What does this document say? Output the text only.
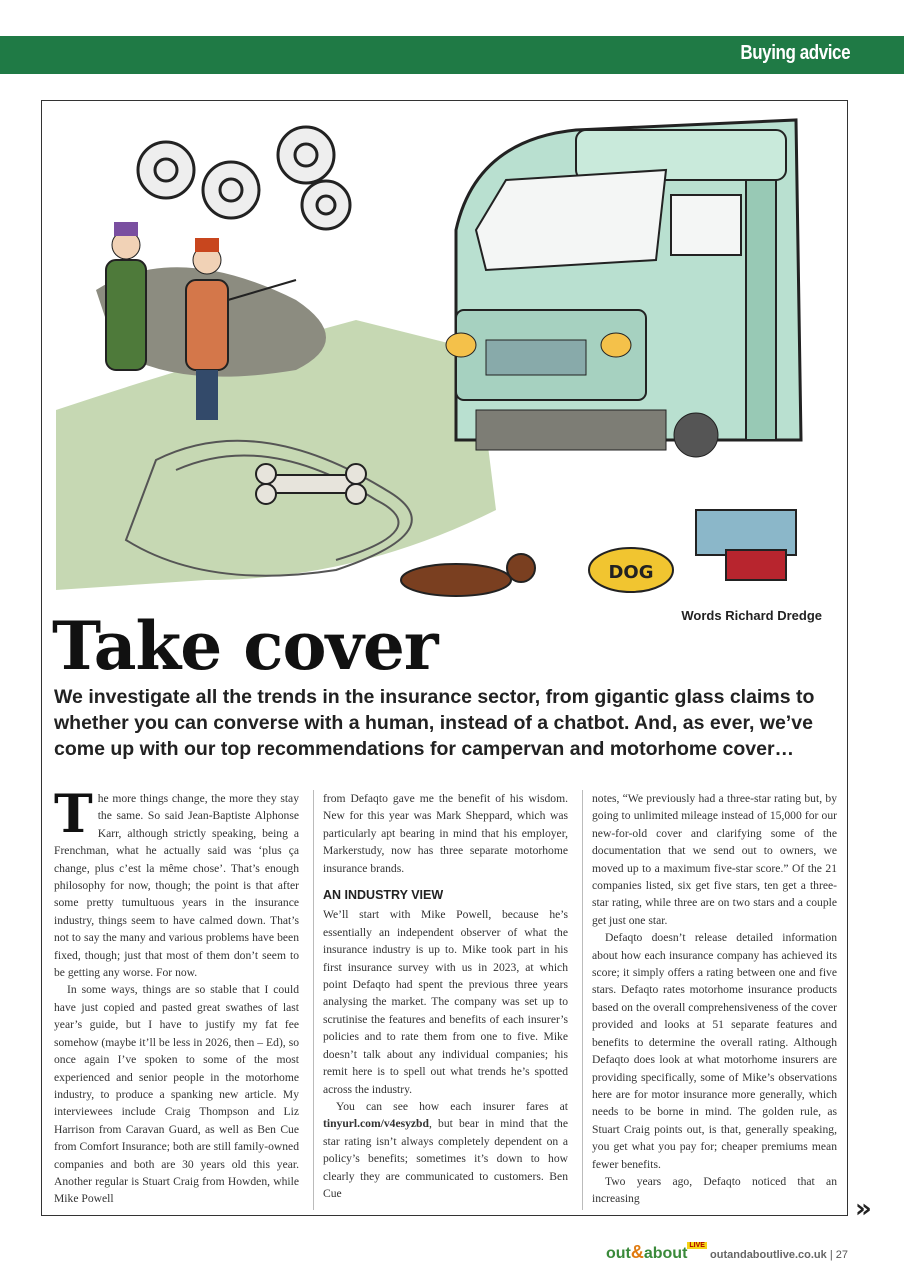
Buying advice
DOG
Words Richard Dredge
Take cover
We investigate all the trends in the insurance sector, from gigantic glass claims to whether you can converse with a human, instead of a chatbot. And, as ever, we’ve come up with our top recommendations for campervan and motorhome cover…

The more things change, the more they stay the same. So said Jean-Baptiste Alphonse Karr, although strictly speaking, being a Frenchman, what he actually said was ‘plus ça change, plus c’est la même chose’. That’s enough philosophy for now, though; the point is that after some pretty tumultuous years in the insurance industry, things seem to have calmed down. That’s not to say the many and various problems have been fixed, though; just that most of them don’t seem to be getting any worse. For now.

In some ways, things are so stable that I could have just copied and pasted great swathes of last year’s guide, but I have to justify my fat fee somehow (maybe it’ll be less in 2026, then – Ed), so once again I’ve spoken to some of the most experienced and senior people in the motorhome industry, to produce a spanking new article. My interviewees include Craig Thompson and Liz Harrison from Caravan Guard, as well as Ben Cue from Comfort Insurance; both are still family-owned companies and both are 30 years old this year. Another regular is Stuart Craig from Howden, while Mike Powell

from Defaqto gave me the benefit of his wisdom. New for this year was Mark Sheppard, which was particularly apt bearing in mind that his employer, Markerstudy, now has three separate motorhome insurance brands.

AN INDUSTRY VIEW

We’ll start with Mike Powell, because he’s essentially an independent observer of what the insurance industry is up to. Mike took part in his first insurance survey with us in 2023, at which point Defaqto had spent the previous three years analysing the market. The company was set up to scrutinise the features and benefits of each insurer’s policies and to rate them from one to five. Mike doesn’t talk about any individual companies; his remit here is to spell out what trends he’s spotted across the industry.

You can see how each insurer fares at tinyurl.com/v4esyzbd, but bear in mind that the star rating isn’t always completely dependent on a policy’s benefits; sometimes it’s down to how clearly they are communicated to customers. Ben Cue

notes, “We previously had a three-star rating but, by going to unlimited mileage instead of 15,000 for our new-for-old cover and clarifying some of the documentation that we send out to owners, we moved up to a maximum five-star score.” Of the 21 companies listed, six get five stars, ten get a three-star rating, while three are on two stars and a couple get just one star.

Defaqto doesn’t release detailed information about how each insurance company has achieved its score; it simply offers a rating between one and five stars. Defaqto rates motorhome insurance products based on the overall comprehensiveness of the cover provided and looks at 51 separate features and benefits to determine the overall rating. Although Defaqto does look at what motorhome insurers are providing specifically, some of Mike’s observations here are for motor insurance more generally, which needs to be borne in mind. The golden rule, as Stuart Craig points out, is that, generally speaking, you get what you pay for; cheaper premiums mean fewer benefits.

Two years ago, Defaqto noticed that an increasing	»
out&about $^{LIVE}$ outandaboutlive.co.uk | 27
